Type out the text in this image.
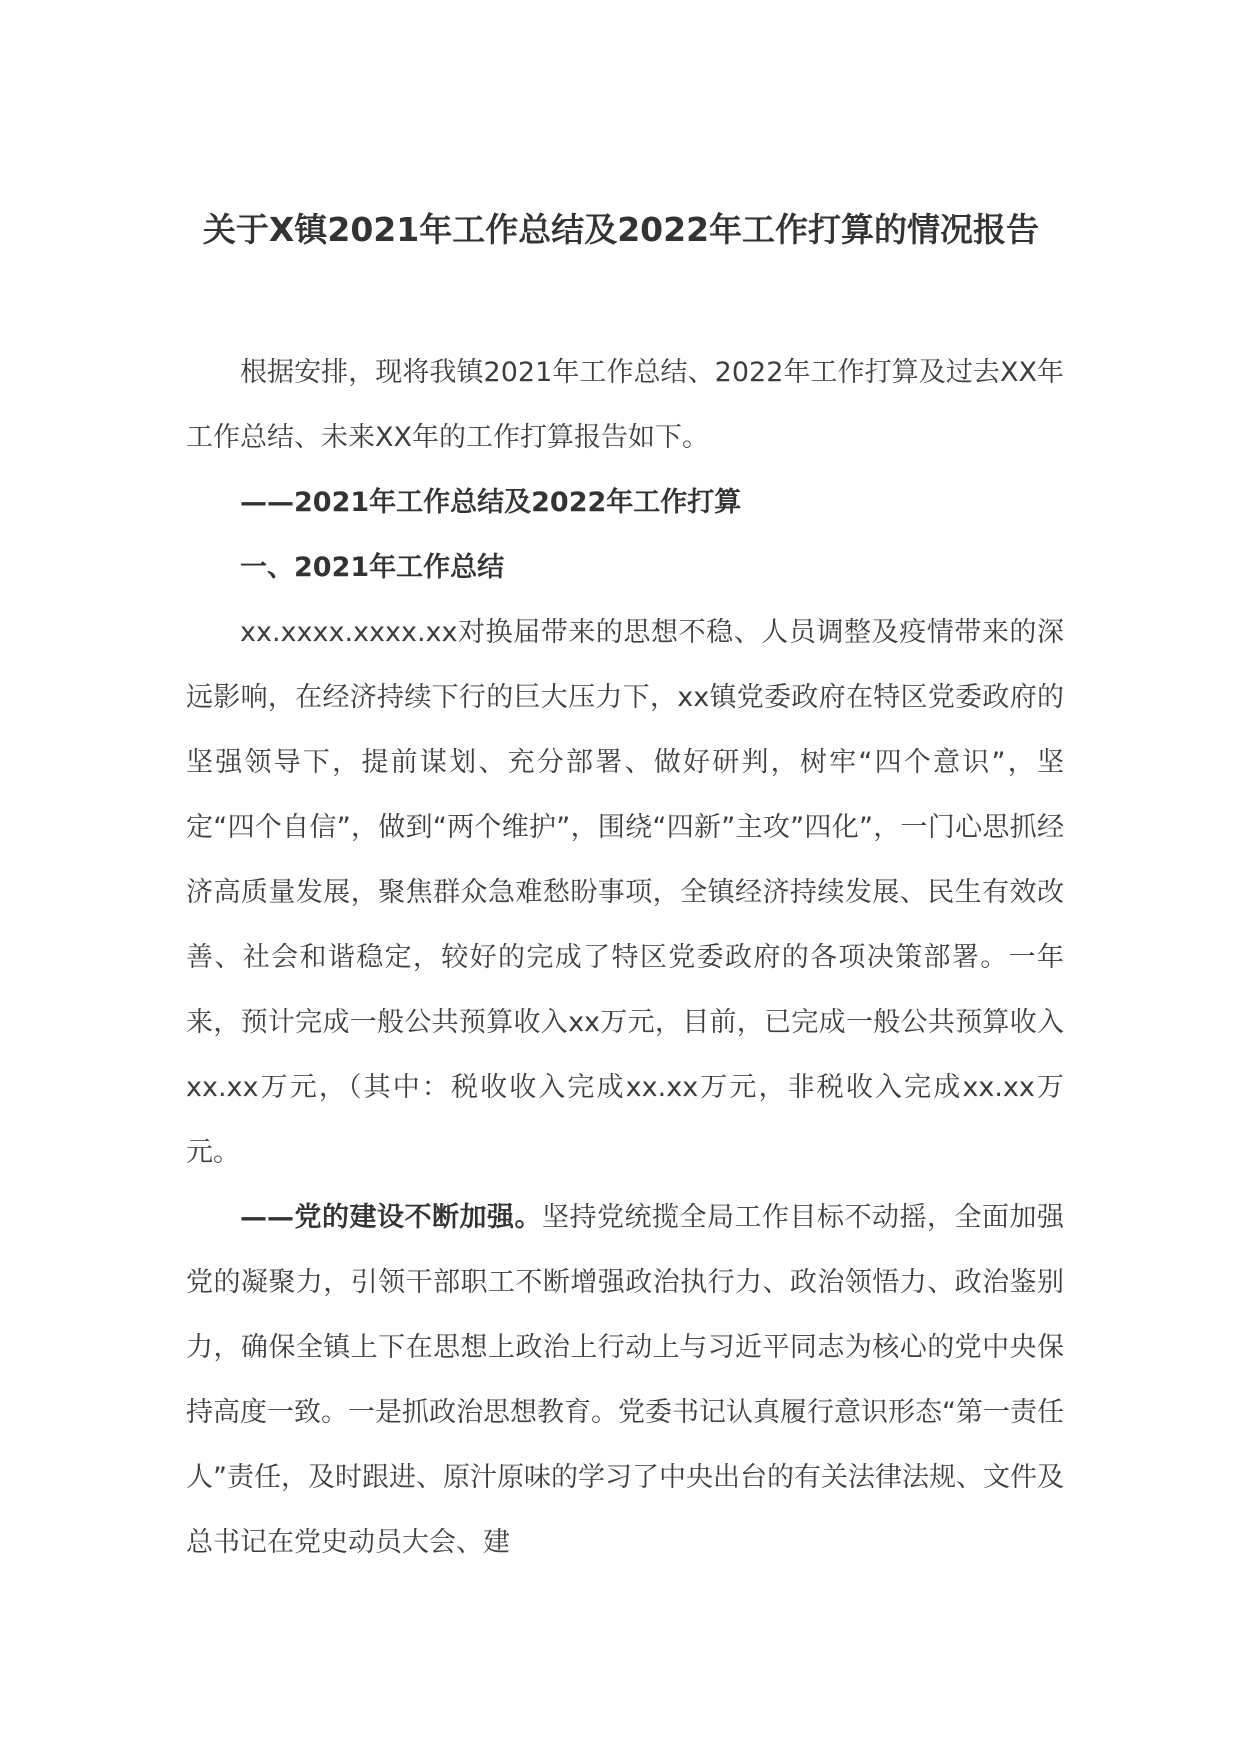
关于X镇2021年工作总结及2022年工作打算的情况报告

根据安排，现将我镇2021年工作总结、2022年工作打算及过去XX年工作总结、未来XX年的工作打算报告如下。

——2021年工作总结及2022年工作打算

一、2021年工作总结

xx.xxxx.xxxx.xx对换届带来的思想不稳、人员调整及疫情带来的深远影响，在经济持续下行的巨大压力下，xx镇党委政府在特区党委政府的坚强领导下，提前谋划、充分部署、做好研判，树牢“四个意识”，坚定“四个自信”，做到“两个维护”，围绕“四新”主攻”四化”，一门心思抓经济高质量发展，聚焦群众急难愁盼事项，全镇经济持续发展、民生有效改善、社会和谐稳定，较好的完成了特区党委政府的各项决策部署。一年来，预计完成一般公共预算收入xx万元，目前，已完成一般公共预算收入xx.xx万元，（其中：税收收入完成xx.xx万元，非税收入完成xx.xx万元。

——党的建设不断加强。坚持党统揽全局工作目标不动摇，全面加强党的凝聚力，引领干部职工不断增强政治执行力、政治领悟力、政治鉴别力，确保全镇上下在思想上政治上行动上与习近平同志为核心的党中央保持高度一致。一是抓政治思想教育。党委书记认真履行意识形态“第一责任人”责任，及时跟进、原汁原味的学习了中央出台的有关法律法规、文件及总书记在党史动员大会、建
